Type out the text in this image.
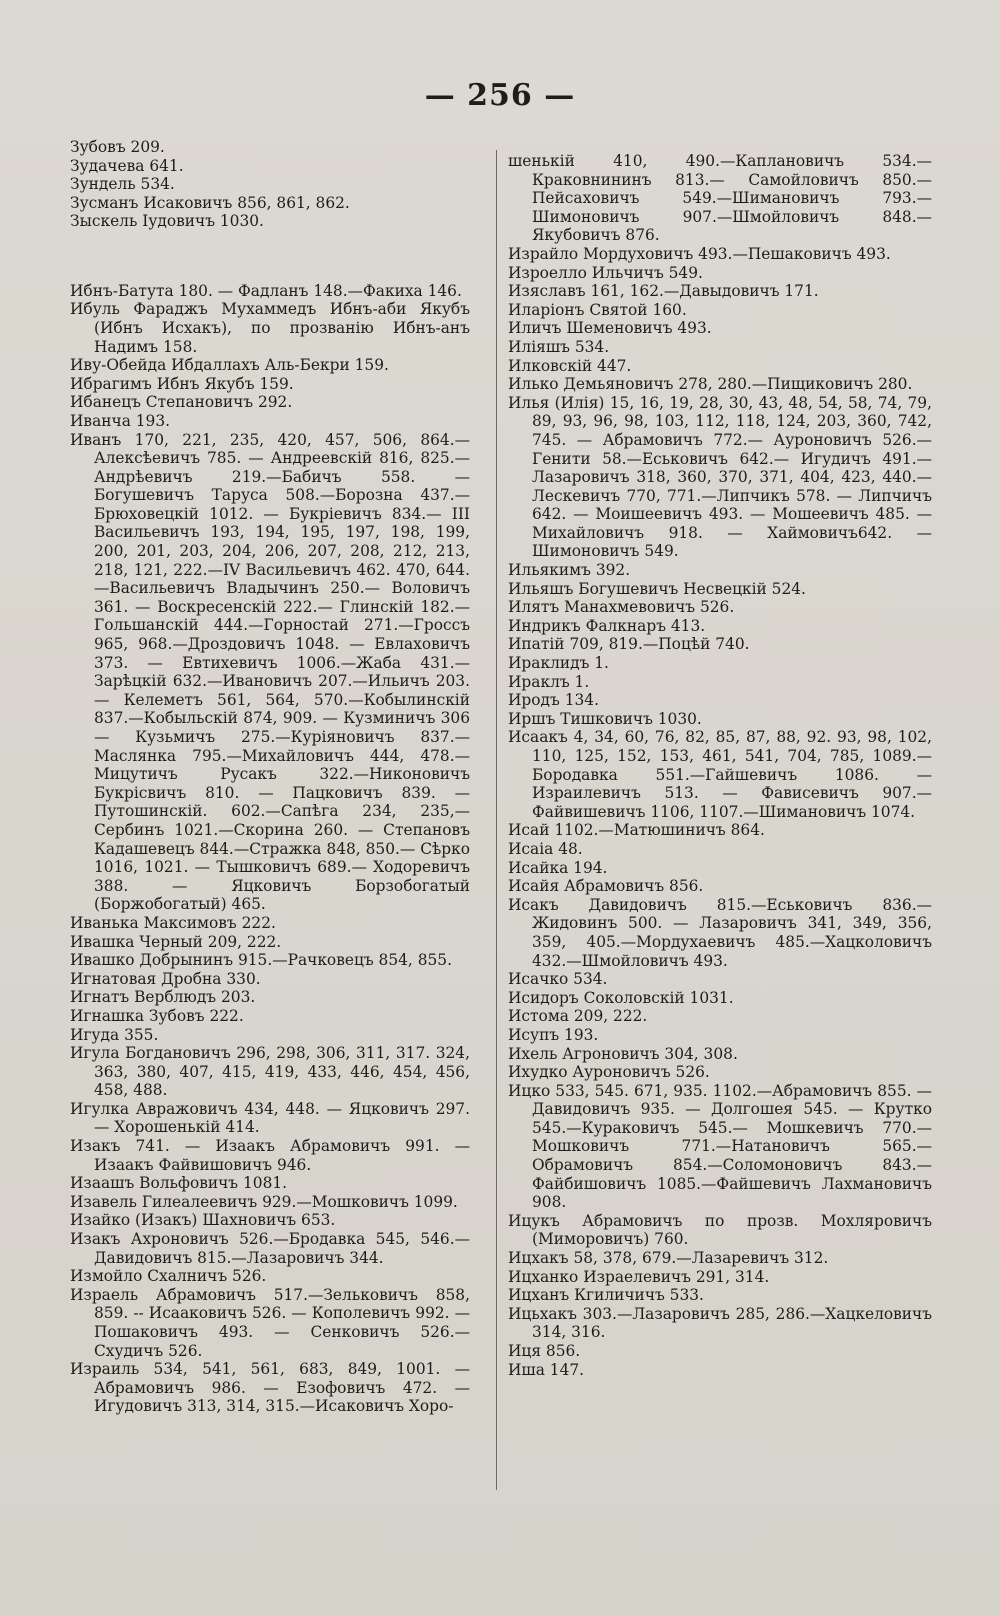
— 256 —

Зубовъ 209.

Зудачева 641.

Зундель 534.

Зусманъ Исаковичъ 856, 861, 862.

Зыскель Іудовичъ 1030.

Ибнъ-Батута 180. — Фадланъ 148.—Факиха 146.

Ибуль Фараджъ Мухаммедъ Ибнъ-аби Якубъ (Ибнъ Исхакъ), по прозванію Ибнъ-анъ Надимъ 158.

Иву-Обейда Ибдаллахъ Аль-Бекри 159.

Ибрагимъ Ибнъ Якубъ 159.

Ибанецъ Степановичъ 292.

Иванча 193.

Иванъ 170, 221, 235, 420, 457, 506, 864.— Алексѣевичъ 785. — Андреевскій 816, 825.—Андрѣевичъ 219.—Бабичъ 558. — Богушевичъ Таруса 508.—Борозна 437.— Брюховецкій 1012. — Букріевичъ 834.— III Васильевичъ 193, 194, 195, 197, 198, 199, 200, 201, 203, 204, 206, 207, 208, 212, 213, 218, 121, 222.—IV Васильевичъ 462. 470, 644.—Васильевичъ Владычинъ 250.— Воловичъ 361. — Воскресенскій 222.— Глинскій 182.—Гольшанскій 444.—Горностай 271.—Гроссъ 965, 968.—Дроздовичъ 1048. — Евлаховичъ 373. — Евтихевичъ 1006.—Жаба 431.—Зарѣцкій 632.—Ивановичъ 207.—Ильичъ 203. — Келеметъ 561, 564, 570.—Кобылинскій 837.—Кобыльскій 874, 909. — Кузминичъ 306— Кузьмичъ 275.—Куріяновичъ 837.—Маслянка 795.—Михайловичъ 444, 478.—Мицутичъ Русакъ 322.—Никоновичъ Букрісвичъ 810. — Пацковичъ 839. — Путошинскій. 602.—Сапѣга 234, 235,—Сербинъ 1021.—Скорина 260. — Степановъ Кадашевецъ 844.—Стражка 848, 850.— Сѣрко 1016, 1021. — Тышковичъ 689.— Ходоревичъ 388. — Яцковичъ Борзобогатый (Боржобогатый) 465.

Иванька Максимовъ 222.

Ивашка Черный 209, 222.

Ивашко Добрынинъ 915.—Рачковецъ 854, 855.

Игнатовая Дробна 330.

Игнатъ Верблюдъ 203.

Игнашка Зубовъ 222.

Игуда 355.

Игула Богдановичъ 296, 298, 306, 311, 317. 324, 363, 380, 407, 415, 419, 433, 446, 454, 456, 458, 488.

Игулка Авражовичъ 434, 448. — Яцковичъ 297.— Хорошенькій 414.

Изакъ 741. — Изаакъ Абрамовичъ 991. — Изаакъ Файвишовичъ 946.

Изаашъ Вольфовичъ 1081.

Изавель Гилеалеевичъ 929.—Мошковичъ 1099.

Изайко (Изакъ) Шахновичъ 653.

Изакъ Ахроновичъ 526.—Бродавка 545, 546.— Давидовичъ 815.—Лазаровичъ 344.

Измойло Схалничъ 526.

Израель Абрамовичъ 517.—Зельковичъ 858, 859. -- Исааковичъ 526. — Кополевичъ 992. — Пошаковичъ 493. — Сенковичъ 526.—Схудичъ 526.

Израиль 534, 541, 561, 683, 849, 1001. — Абрамовичъ 986. — Езофовичъ 472. — Игудовичъ 313, 314, 315.—Исаковичъ Хоро-

шенькій 410, 490.—Каплановичъ 534.— Краковнининъ 813.— Самойловичъ 850.— Пейсаховичъ 549.—Шимановичъ 793.— Шимоновичъ 907.—Шмойловичъ 848.— Якубовичъ 876.

Израйло Мордуховичъ 493.—Пешаковичъ 493.

Изроелло Ильчичъ 549.

Изяславъ 161, 162.—Давыдовичъ 171.

Иларіонъ Святой 160.

Иличъ Шеменовичъ 493.

Иліяшъ 534.

Илковскій 447.

Илько Демьяновичъ 278, 280.—Пищиковичъ 280.

Илья (Илія) 15, 16, 19, 28, 30, 43, 48, 54, 58, 74, 79, 89, 93, 96, 98, 103, 112, 118, 124, 203, 360, 742, 745. — Абрамовичъ 772.— Ауроновичъ 526.—Генити 58.—Еськовичъ 642.— Игудичъ 491.—Лазаровичъ 318, 360, 370, 371, 404, 423, 440.—Лескевичъ 770, 771.—Липчикъ 578. — Липчичъ 642. — Моишеевичъ 493. — Мошеевичъ 485. — Михайловичъ 918. — Хаймовичъ642. — Шимоновичъ 549.

Ильякимъ 392.

Ильяшъ Богушевичъ Несвецкій 524.

Илятъ Манахмевовичъ 526.

Индрикъ Фалкнаръ 413.

Ипатій 709, 819.—Поцѣй 740.

Ираклидъ 1.

Ираклъ 1.

Иродъ 134.

Иршъ Тишковичъ 1030.

Исаакъ 4, 34, 60, 76, 82, 85, 87, 88, 92. 93, 98, 102, 110, 125, 152, 153, 461, 541, 704, 785, 1089.—Бородавка 551.—Гайшевичъ 1086. — Израилевичъ 513. — Фависевичъ 907.— Файвишевичъ 1106, 1107.—Шимановичъ 1074.

Исай 1102.—Матюшиничъ 864.

Исаіа 48.

Исайка 194.

Исайя Абрамовичъ 856.

Исакъ Давидовичъ 815.—Еськовичъ 836.— Жидовинъ 500. — Лазаровичъ 341, 349, 356, 359, 405.—Мордухаевичъ 485.—Хацколовичъ 432.—Шмойловичъ 493.

Исачко 534.

Исидоръ Соколовскій 1031.

Истома 209, 222.

Исупъ 193.

Ихель Агроновичъ 304, 308.

Ихудко Ауроновичъ 526.

Ицко 533, 545. 671, 935. 1102.—Абрамовичъ 855. — Давидовичъ 935. — Долгошея 545. — Крутко 545.—Кураковичъ 545.— Мошкевичъ 770.—Мошковичъ 771.—Натановичъ 565.—Обрамовичъ 854.—Соломоновичъ 843.—Файбишовичъ 1085.—Файшевичъ Лахмановичъ 908.

Ицукъ Абрамовичъ по прозв. Мохляровичъ (Миморовичъ) 760.

Ицхакъ 58, 378, 679.—Лазаревичъ 312.

Ицханко Израелевичъ 291, 314.

Ицханъ Кгиличичъ 533.

Ицьхакъ 303.—Лазаровичъ 285, 286.—Хацкеловичъ 314, 316.

Иця 856.

Иша 147.
